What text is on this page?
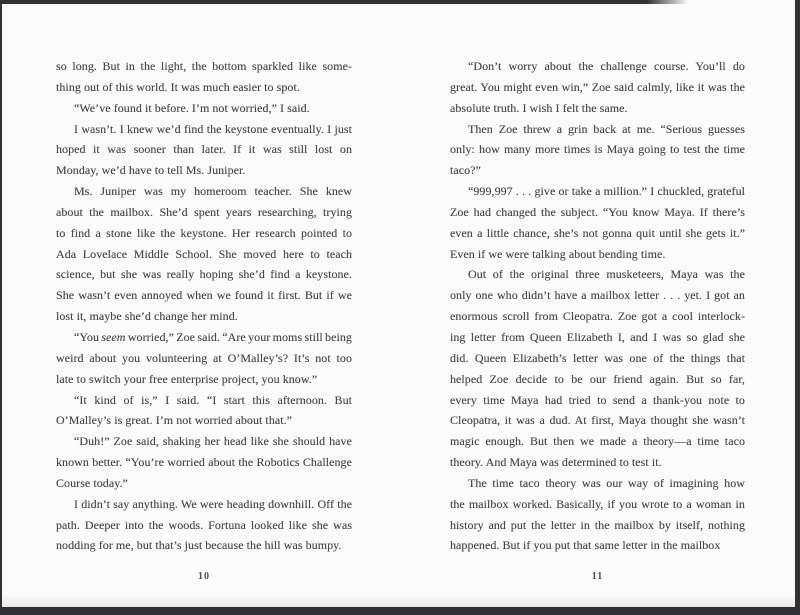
so long. But in the light, the bottom sparkled like some-
thing out of this world. It was much easier to spot.
“We’ve found it before. I’m not worried,” I said.
I wasn’t. I knew we’d find the keystone eventually. I just
hoped it was sooner than later. If it was still lost on
Monday, we’d have to tell Ms. Juniper.
Ms. Juniper was my homeroom teacher. She knew
about the mailbox. She’d spent years researching, trying
to find a stone like the keystone. Her research pointed to
Ada Lovelace Middle School. She moved here to teach
science, but she was really hoping she’d find a keystone.
She wasn’t even annoyed when we found it first. But if we
lost it, maybe she’d change her mind.
“You seem worried,” Zoe said. “Are your moms still being
weird about you volunteering at O’Malley’s? It’s not too
late to switch your free enterprise project, you know.”
“It kind of is,” I said. “I start this afternoon. But
O’Malley’s is great. I’m not worried about that.”
“Duh!” Zoe said, shaking her head like she should have
known better. “You’re worried about the Robotics Challenge
Course today.”
I didn’t say anything. We were heading downhill. Off the
path. Deeper into the woods. Fortuna looked like she was
nodding for me, but that’s just because the hill was bumpy.
“Don’t worry about the challenge course. You’ll do
great. You might even win,” Zoe said calmly, like it was the
absolute truth. I wish I felt the same.
Then Zoe threw a grin back at me. “Serious guesses
only: how many more times is Maya going to test the time
taco?”
“999,997 . . . give or take a million.” I chuckled, grateful
Zoe had changed the subject. “You know Maya. If there’s
even a little chance, she’s not gonna quit until she gets it.”
Even if we were talking about bending time.
Out of the original three musketeers, Maya was the
only one who didn’t have a mailbox letter . . . yet. I got an
enormous scroll from Cleopatra. Zoe got a cool interlock-
ing letter from Queen Elizabeth I, and I was so glad she
did. Queen Elizabeth’s letter was one of the things that
helped Zoe decide to be our friend again. But so far,
every time Maya had tried to send a thank-you note to
Cleopatra, it was a dud. At first, Maya thought she wasn’t
magic enough. But then we made a theory—a time taco
theory. And Maya was determined to test it.
The time taco theory was our way of imagining how
the mailbox worked. Basically, if you wrote to a woman in
history and put the letter in the mailbox by itself, nothing
happened. But if you put that same letter in the mailbox
10	11
